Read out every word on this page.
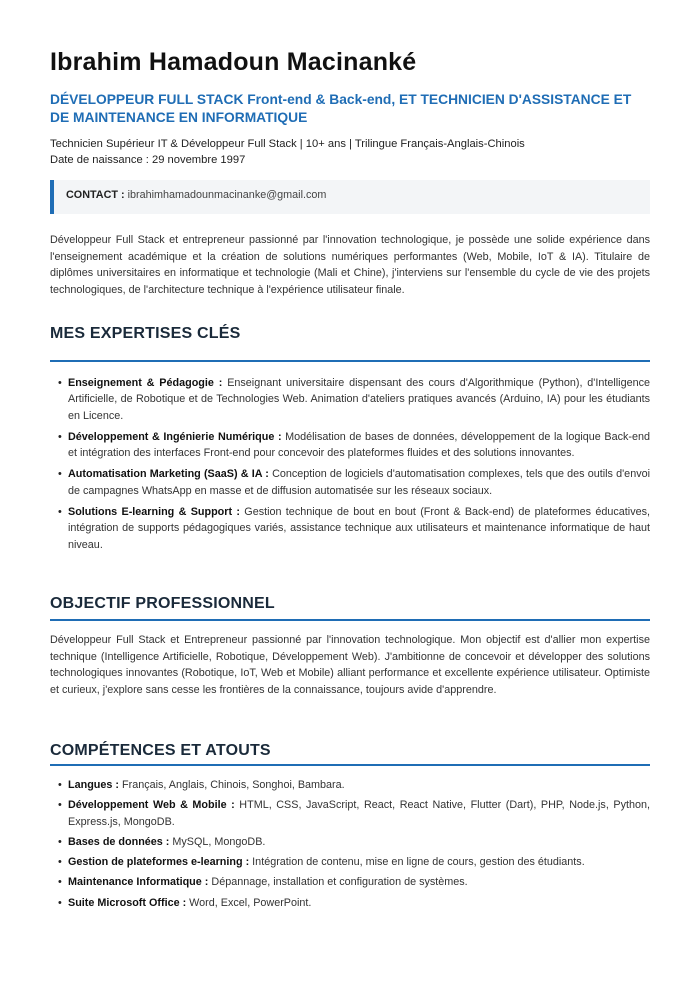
Ibrahim Hamadoun Macinanké
DÉVELOPPEUR FULL STACK Front-end & Back-end, ET TECHNICIEN D'ASSISTANCE ET DE MAINTENANCE EN INFORMATIQUE
Technicien Supérieur IT & Développeur Full Stack | 10+ ans | Trilingue Français-Anglais-Chinois
Date de naissance : 29 novembre 1997
CONTACT : ibrahimhamadounmacinanke@gmail.com
Développeur Full Stack et entrepreneur passionné par l'innovation technologique, je possède une solide expérience dans l'enseignement académique et la création de solutions numériques performantes (Web, Mobile, IoT & IA). Titulaire de diplômes universitaires en informatique et technologie (Mali et Chine), j'interviens sur l'ensemble du cycle de vie des projets technologiques, de l'architecture technique à l'expérience utilisateur finale.
MES EXPERTISES CLÉS
• Enseignement & Pédagogie : Enseignant universitaire dispensant des cours d'Algorithmique (Python), d'Intelligence Artificielle, de Robotique et de Technologies Web. Animation d'ateliers pratiques avancés (Arduino, IA) pour les étudiants en Licence.
• Développement & Ingénierie Numérique : Modélisation de bases de données, développement de la logique Back-end et intégration des interfaces Front-end pour concevoir des plateformes fluides et des solutions innovantes.
• Automatisation Marketing (SaaS) & IA : Conception de logiciels d'automatisation complexes, tels que des outils d'envoi de campagnes WhatsApp en masse et de diffusion automatisée sur les réseaux sociaux.
• Solutions E-learning & Support : Gestion technique de bout en bout (Front & Back-end) de plateformes éducatives, intégration de supports pédagogiques variés, assistance technique aux utilisateurs et maintenance informatique de haut niveau.
OBJECTIF PROFESSIONNEL
Développeur Full Stack et Entrepreneur passionné par l'innovation technologique. Mon objectif est d'allier mon expertise technique (Intelligence Artificielle, Robotique, Développement Web). J'ambitionne de concevoir et développer des solutions technologiques innovantes (Robotique, IoT, Web et Mobile) alliant performance et excellente expérience utilisateur. Optimiste et curieux, j'explore sans cesse les frontières de la connaissance, toujours avide d'apprendre.
COMPÉTENCES ET ATOUTS
• Langues : Français, Anglais, Chinois, Songhoi, Bambara.
• Développement Web & Mobile : HTML, CSS, JavaScript, React, React Native, Flutter (Dart), PHP, Node.js, Python, Express.js, MongoDB.
• Bases de données : MySQL, MongoDB.
• Gestion de plateformes e-learning : Intégration de contenu, mise en ligne de cours, gestion des étudiants.
• Maintenance Informatique : Dépannage, installation et configuration de systèmes.
• Suite Microsoft Office : Word, Excel, PowerPoint.
